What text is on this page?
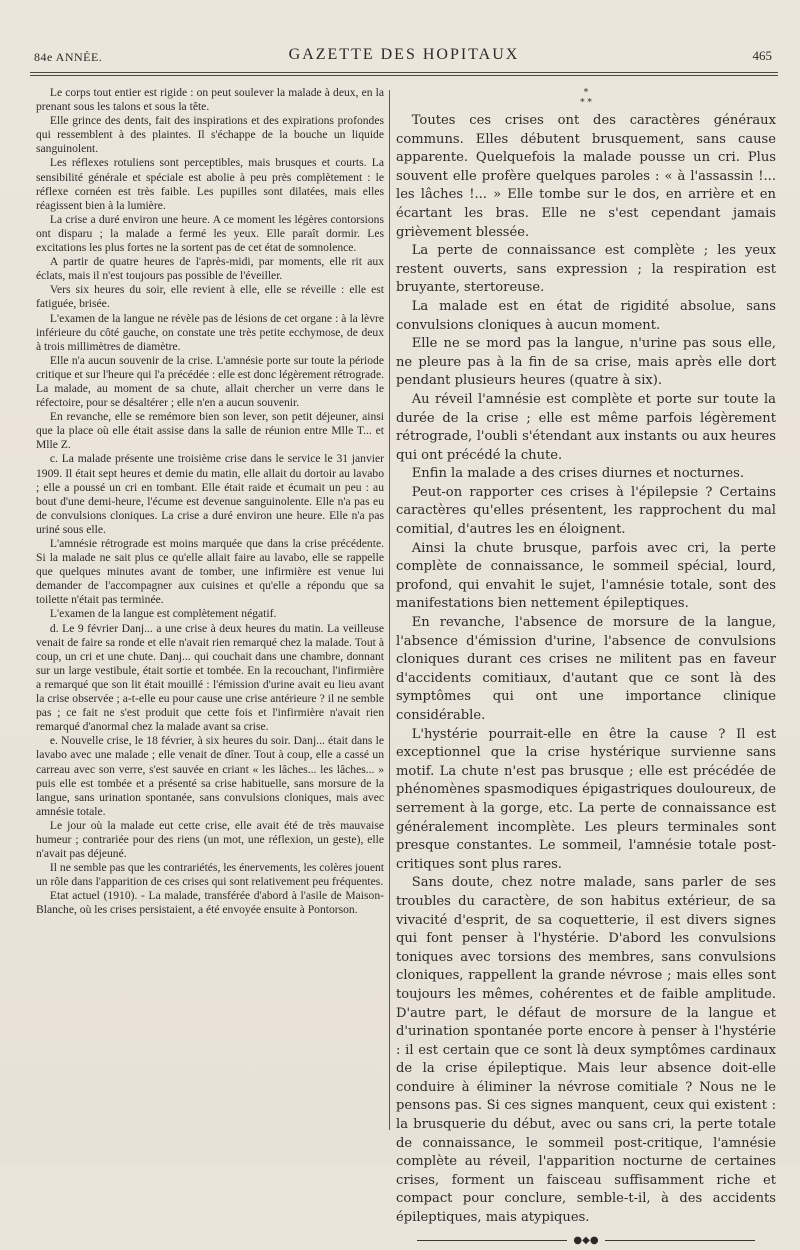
84e ANNÉE.	GAZETTE DES HOPITAUX	465

Le corps tout entier est rigide : on peut soulever la malade à deux, en la prenant sous les talons et sous la tête.

Elle grince des dents, fait des inspirations et des expirations profondes qui ressemblent à des plaintes. Il s'échappe de la bouche un liquide sanguinolent.

Les réflexes rotuliens sont perceptibles, mais brusques et courts. La sensibilité générale et spéciale est abolie à peu près complètement : le réflexe cornéen est très faible. Les pupilles sont dilatées, mais elles réagissent bien à la lumière.

La crise a duré environ une heure. A ce moment les légères contorsions ont disparu ; la malade a fermé les yeux. Elle paraît dormir. Les excitations les plus fortes ne la sortent pas de cet état de somnolence.

A partir de quatre heures de l'après-midi, par moments, elle rit aux éclats, mais il n'est toujours pas possible de l'éveiller.

Vers six heures du soir, elle revient à elle, elle se réveille : elle est fatiguée, brisée.

L'examen de la langue ne révèle pas de lésions de cet organe : à la lèvre inférieure du côté gauche, on constate une très petite ecchymose, de deux à trois millimètres de diamètre.

Elle n'a aucun souvenir de la crise. L'amnésie porte sur toute la période critique et sur l'heure qui l'a précédée : elle est donc légèrement rétrograde. La malade, au moment de sa chute, allait chercher un verre dans le réfectoire, pour se désaltérer ; elle n'en a aucun souvenir.

En revanche, elle se remémore bien son lever, son petit déjeuner, ainsi que la place où elle était assise dans la salle de réunion entre Mlle T... et Mlle Z.

c. La malade présente une troisième crise dans le service le 31 janvier 1909. Il était sept heures et demie du matin, elle allait du dortoir au lavabo ; elle a poussé un cri en tombant. Elle était raide et écumait un peu : au bout d'une demi-heure, l'écume est devenue sanguinolente. Elle n'a pas eu de convulsions cloniques. La crise a duré environ une heure. Elle n'a pas uriné sous elle.

L'amnésie rétrograde est moins marquée que dans la crise précédente. Si la malade ne sait plus ce qu'elle allait faire au lavabo, elle se rappelle que quelques minutes avant de tomber, une infirmière est venue lui demander de l'accompagner aux cuisines et qu'elle a répondu que sa toilette n'était pas terminée.

L'examen de la langue est complètement négatif.

d. Le 9 février Danj... a une crise à deux heures du matin. La veilleuse venait de faire sa ronde et elle n'avait rien remarqué chez la malade. Tout à coup, un cri et une chute. Danj... qui couchait dans une chambre, donnant sur un large vestibule, était sortie et tombée. En la recouchant, l'infirmière a remarqué que son lit était mouillé : l'émission d'urine avait eu lieu avant la crise observée ; a-t-elle eu pour cause une crise antérieure ? il ne semble pas ; ce fait ne s'est produit que cette fois et l'infirmière n'avait rien remarqué d'anormal chez la malade avant sa crise.

e. Nouvelle crise, le 18 février, à six heures du soir. Danj... était dans le lavabo avec une malade ; elle venait de dîner. Tout à coup, elle a cassé un carreau avec son verre, s'est sauvée en criant « les lâches... les lâches... » puis elle est tombée et a présenté sa crise habituelle, sans morsure de la langue, sans urination spontanée, sans convulsions cloniques, mais avec amnésie totale.

Le jour où la malade eut cette crise, elle avait été de très mauvaise humeur ; contrariée pour des riens (un mot, une réflexion, un geste), elle n'avait pas déjeuné.

Il ne semble pas que les contrariétés, les énervements, les colères jouent un rôle dans l'apparition de ces crises qui sont relativement peu fréquentes.

Etat actuel (1910). - La malade, transférée d'abord à l'asile de Maison-Blanche, où les crises persistaient, a été envoyée ensuite à Pontorson.

*
* *

Toutes ces crises ont des caractères généraux communs. Elles débutent brusquement, sans cause apparente. Quelquefois la malade pousse un cri. Plus souvent elle profère quelques paroles : « à l'assassin !... les lâches !... » Elle tombe sur le dos, en arrière et en écartant les bras. Elle ne s'est cependant jamais grièvement blessée.

La perte de connaissance est complète ; les yeux restent ouverts, sans expression ; la respiration est bruyante, stertoreuse.

La malade est en état de rigidité absolue, sans convulsions cloniques à aucun moment.

Elle ne se mord pas la langue, n'urine pas sous elle, ne pleure pas à la fin de sa crise, mais après elle dort pendant plusieurs heures (quatre à six).

Au réveil l'amnésie est complète et porte sur toute la durée de la crise ; elle est même parfois légèrement rétrograde, l'oubli s'étendant aux instants ou aux heures qui ont précédé la chute.

Enfin la malade a des crises diurnes et nocturnes.

Peut-on rapporter ces crises à l'épilepsie ? Certains caractères qu'elles présentent, les rapprochent du mal comitial, d'autres les en éloignent.

Ainsi la chute brusque, parfois avec cri, la perte complète de connaissance, le sommeil spécial, lourd, profond, qui envahit le sujet, l'amnésie totale, sont des manifestations bien nettement épileptiques.

En revanche, l'absence de morsure de la langue, l'absence d'émission d'urine, l'absence de convulsions cloniques durant ces crises ne militent pas en faveur d'accidents comitiaux, d'autant que ce sont là des symptômes qui ont une importance clinique considérable.

L'hystérie pourrait-elle en être la cause ? Il est exceptionnel que la crise hystérique survienne sans motif. La chute n'est pas brusque ; elle est précédée de phénomènes spasmodiques épigastriques douloureux, de serrement à la gorge, etc. La perte de connaissance est généralement incomplète. Les pleurs terminales sont presque constantes. Le sommeil, l'amnésie totale post-critiques sont plus rares.

Sans doute, chez notre malade, sans parler de ses troubles du caractère, de son habitus extérieur, de sa vivacité d'esprit, de sa coquetterie, il est divers signes qui font penser à l'hystérie. D'abord les convulsions toniques avec torsions des membres, sans convulsions cloniques, rappellent la grande névrose ; mais elles sont toujours les mêmes, cohérentes et de faible amplitude. D'autre part, le défaut de morsure de la langue et d'urination spontanée porte encore à penser à l'hystérie : il est certain que ce sont là deux symptômes cardinaux de la crise épileptique. Mais leur absence doit-elle conduire à éliminer la névrose comitiale ? Nous ne le pensons pas. Si ces signes manquent, ceux qui existent : la brusquerie du début, avec ou sans cri, la perte totale de connaissance, le sommeil post-critique, l'amnésie complète au réveil, l'apparition nocturne de certaines crises, forment un faisceau suffisamment riche et compact pour conclure, semble-t-il, à des accidents épileptiques, mais atypiques.

●◆●
